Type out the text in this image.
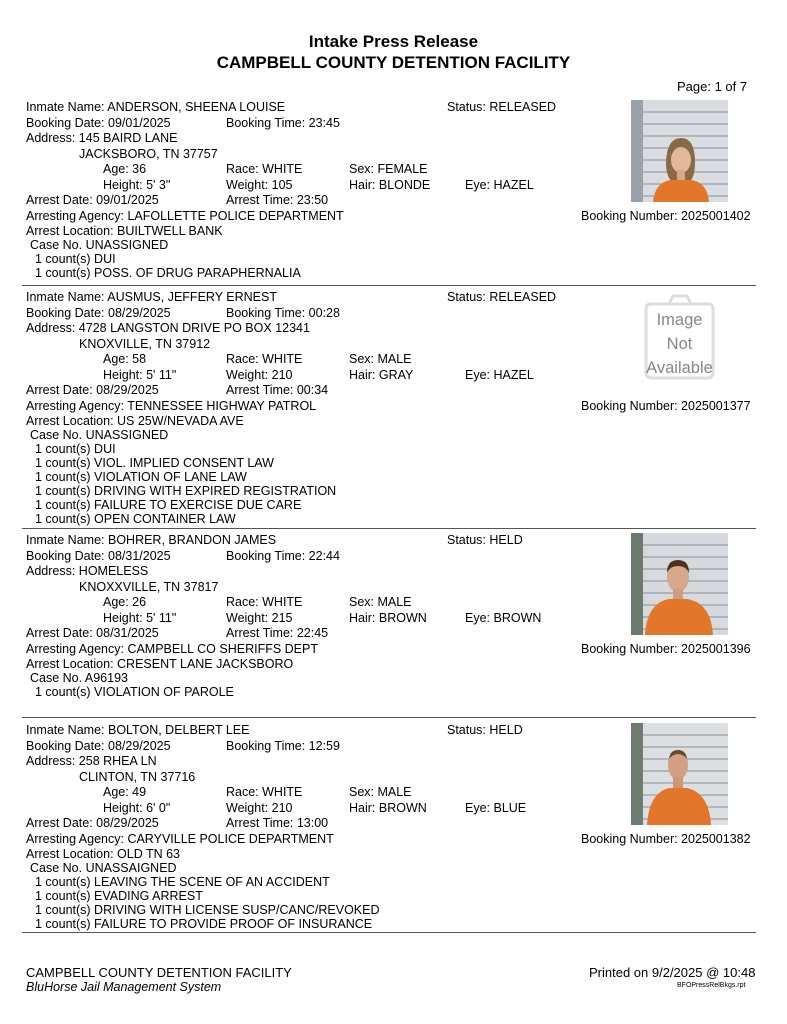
Intake Press Release
CAMPBELL COUNTY DETENTION FACILITY
Page: 1 of 7
Inmate Name: ANDERSON, SHEENA LOUISE	Status: RELEASED
Booking Date: 09/01/2025	Booking Time: 23:45
Address: 145 BAIRD LANE
JACKSBORO, TN 37757
Age: 36	Race: WHITE	Sex: FEMALE
Height: 5' 3"	Weight: 105	Hair: BLONDE	Eye: HAZEL
Arrest Date: 09/01/2025	Arrest Time: 23:50
Arresting Agency: LAFOLLETTE POLICE DEPARTMENT	Booking Number: 2025001402
Arrest Location: BUILTWELL BANK
Case No. UNASSIGNED
1 count(s) DUI
1 count(s) POSS. OF DRUG PARAPHERNALIA
Inmate Name: AUSMUS, JEFFERY ERNEST	Status: RELEASED
Booking Date: 08/29/2025	Booking Time: 00:28
Address: 4728 LANGSTON DRIVE PO BOX 12341
KNOXVILLE, TN 37912
Age: 58	Race: WHITE	Sex: MALE
Height: 5' 11"	Weight: 210	Hair: GRAY	Eye: HAZEL
Arrest Date: 08/29/2025	Arrest Time: 00:34
Arresting Agency: TENNESSEE HIGHWAY PATROL	Booking Number: 2025001377
Arrest Location: US 25W/NEVADA AVE
Case No. UNASSIGNED
1 count(s) DUI
1 count(s) VIOL. IMPLIED CONSENT LAW
1 count(s) VIOLATION OF LANE LAW
1 count(s) DRIVING WITH EXPIRED REGISTRATION
1 count(s) FAILURE TO EXERCISE DUE CARE
1 count(s) OPEN CONTAINER LAW
Image
Not
Available
Inmate Name: BOHRER, BRANDON JAMES	Status: HELD
Booking Date: 08/31/2025	Booking Time: 22:44
Address: HOMELESS
KNOXXVILLE, TN 37817
Age: 26	Race: WHITE	Sex: MALE
Height: 5' 11"	Weight: 215	Hair: BROWN	Eye: BROWN
Arrest Date: 08/31/2025	Arrest Time: 22:45
Arresting Agency: CAMPBELL CO SHERIFFS DEPT	Booking Number: 2025001396
Arrest Location: CRESENT LANE JACKSBORO
Case No. A96193
1 count(s) VIOLATION OF PAROLE
Inmate Name: BOLTON, DELBERT LEE	Status: HELD
Booking Date: 08/29/2025	Booking Time: 12:59
Address: 258 RHEA LN
CLINTON, TN 37716
Age: 49	Race: WHITE	Sex: MALE
Height: 6' 0"	Weight: 210	Hair: BROWN	Eye: BLUE
Arrest Date: 08/29/2025	Arrest Time: 13:00
Arresting Agency: CARYVILLE POLICE DEPARTMENT	Booking Number: 2025001382
Arrest Location: OLD TN 63
Case No. UNASSAIGNED
1 count(s) LEAVING THE SCENE OF AN ACCIDENT
1 count(s) EVADING ARREST
1 count(s) DRIVING WITH LICENSE SUSP/CANC/REVOKED
1 count(s) FAILURE TO PROVIDE PROOF OF INSURANCE
CAMPBELL COUNTY DETENTION FACILITY
BluHorse Jail Management System
Printed on 9/2/2025 @ 10:48
BFOPressRelBkgs.rpt
